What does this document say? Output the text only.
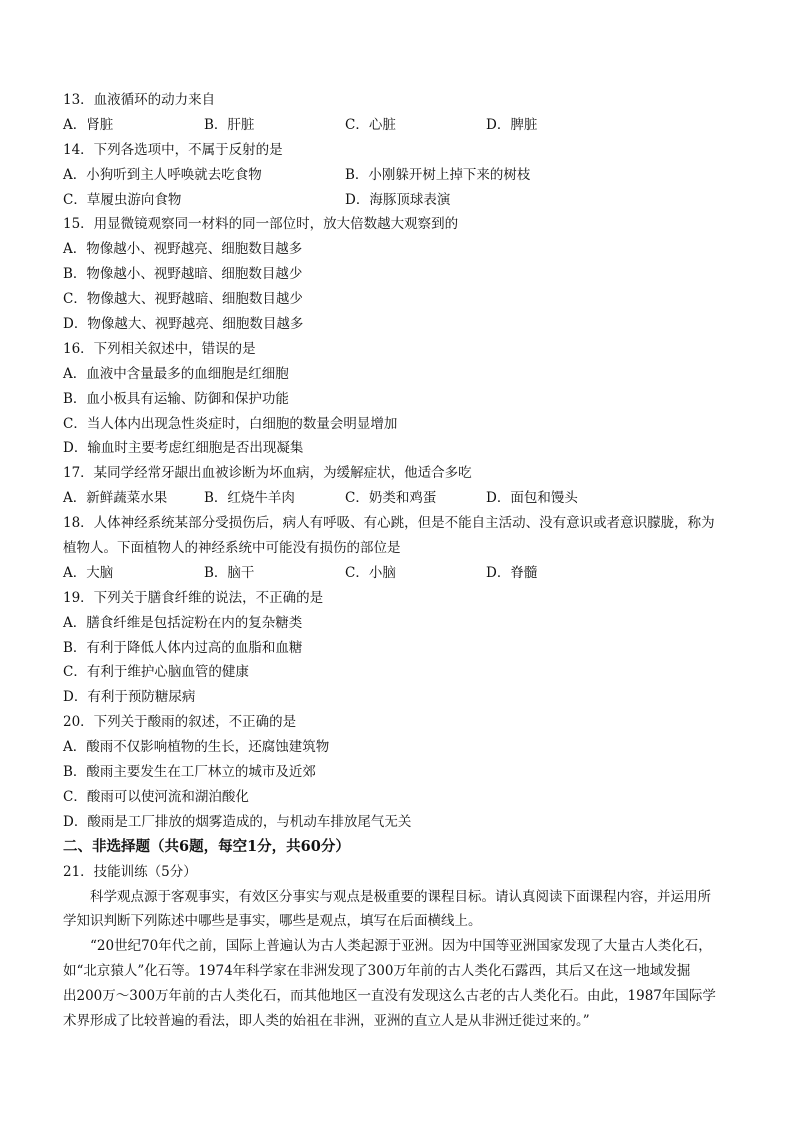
13．血液循环的动力来自
A．肾脏	B．肝脏	C．心脏	D．脾脏
14．下列各选项中，不属于反射的是
A．小狗听到主人呼唤就去吃食物	B．小刚躲开树上掉下来的树枝
C．草履虫游向食物	D．海豚顶球表演
15．用显微镜观察同一材料的同一部位时，放大倍数越大观察到的
A．物像越小、视野越亮、细胞数目越多
B．物像越小、视野越暗、细胞数目越少
C．物像越大、视野越暗、细胞数目越少
D．物像越大、视野越亮、细胞数目越多
16．下列相关叙述中，错误的是
A．血液中含量最多的血细胞是红细胞
B．血小板具有运输、防御和保护功能
C．当人体内出现急性炎症时，白细胞的数量会明显增加
D．输血时主要考虑红细胞是否出现凝集
17．某同学经常牙龈出血被诊断为坏血病，为缓解症状，他适合多吃
A．新鲜蔬菜水果	B．红烧牛羊肉	C．奶类和鸡蛋	D．面包和馒头
18．人体神经系统某部分受损伤后，病人有呼吸、有心跳，但是不能自主活动、没有意识或者意识朦胧，称为
植物人。下面植物人的神经系统中可能没有损伤的部位是
A．大脑	B．脑干	C．小脑	D．脊髓
19．下列关于膳食纤维的说法，不正确的是
A．膳食纤维是包括淀粉在内的复杂糖类
B．有利于降低人体内过高的血脂和血糖
C．有利于维护心脑血管的健康
D．有利于预防糖尿病
20．下列关于酸雨的叙述，不正确的是
A．酸雨不仅影响植物的生长，还腐蚀建筑物
B．酸雨主要发生在工厂林立的城市及近郊
C．酸雨可以使河流和湖泊酸化
D．酸雨是工厂排放的烟雾造成的，与机动车排放尾气无关
二、非选择题（共6题，每空1分，共60分）
21．技能训练（5分）
科学观点源于客观事实，有效区分事实与观点是极重要的课程目标。请认真阅读下面课程内容，并运用所
学知识判断下列陈述中哪些是事实，哪些是观点，填写在后面横线上。
“20世纪70年代之前，国际上普遍认为古人类起源于亚洲。因为中国等亚洲国家发现了大量古人类化石，
如“北京猿人”化石等。1974年科学家在非洲发现了300万年前的古人类化石露西，其后又在这一地域发掘
出200万～300万年前的古人类化石，而其他地区一直没有发现这么古老的古人类化石。由此，1987年国际学
术界形成了比较普遍的看法，即人类的始祖在非洲，亚洲的直立人是从非洲迁徙过来的。”
